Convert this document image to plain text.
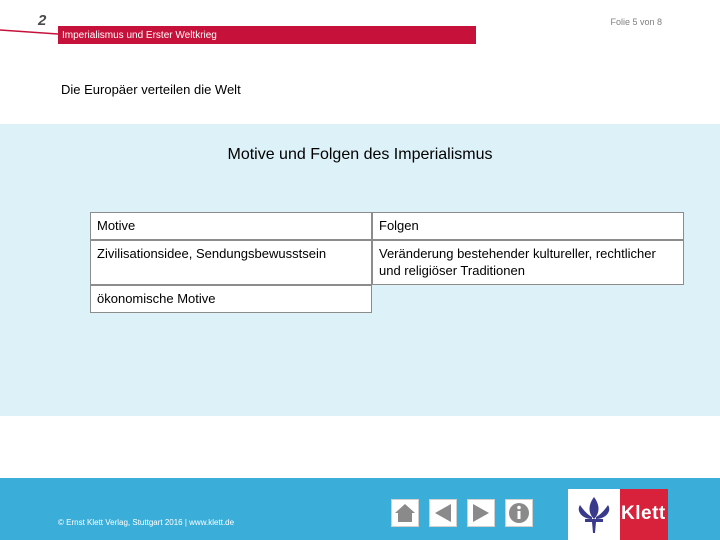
2	Folie 5 von 8
Imperialismus und Erster Weltkrieg
Die Europäer verteilen die Welt
Motive und Folgen des Imperialismus
Motive	Folgen
Zivilisationsidee, Sendungsbewusstsein	Veränderung bestehender kultureller, rechtlicher und religiöser Traditionen
ökonomische Motive	
© Ernst Klett Verlag, Stuttgart 2016 | www.klett.de	Klett
